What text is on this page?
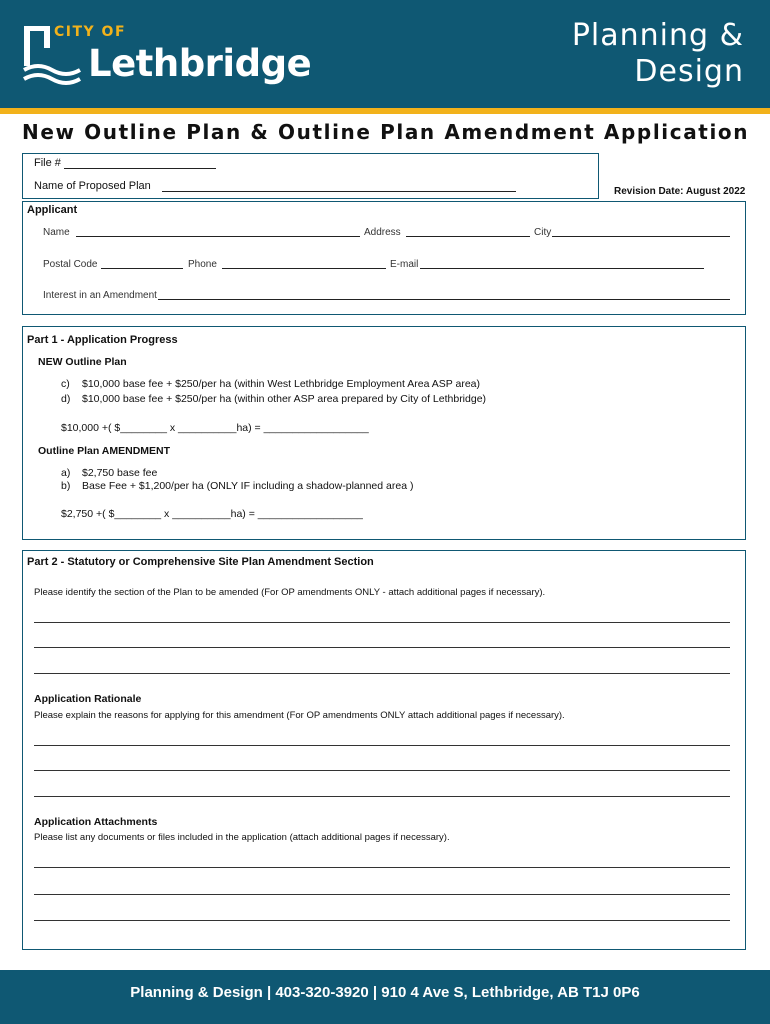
CITY OF
Lethbridge
Planning &
Design
New Outline Plan & Outline Plan Amendment Application
File #
Name of Proposed Plan	Revision Date: August 2022
Applicant
Name	Address	City
Postal Code	Phone	E-mail
Interest in an Amendment
Part 1 - Application Progress
NEW Outline Plan
c) $10,000 base fee + $250/per ha (within West Lethbridge Employment Area ASP area)
d) $10,000 base fee + $250/per ha (within other ASP area prepared by City of Lethbridge)
$10,000 +( $________ x __________ha) = __________________
Outline Plan AMENDMENT
a) $2,750 base fee
b) Base Fee + $1,200/per ha (ONLY IF including a shadow-planned area )
$2,750 +( $________ x __________ha) = __________________
Part 2 - Statutory or Comprehensive Site Plan Amendment Section
Please identify the section of the Plan to be amended (For OP amendments ONLY - attach additional pages if necessary).
Application Rationale
Please explain the reasons for applying for this amendment (For OP amendments ONLY attach additional pages if necessary).
Application Attachments
Please list any documents or files included in the application (attach additional pages if necessary).
Planning & Design | 403-320-3920 | 910 4 Ave S, Lethbridge, AB T1J 0P6
